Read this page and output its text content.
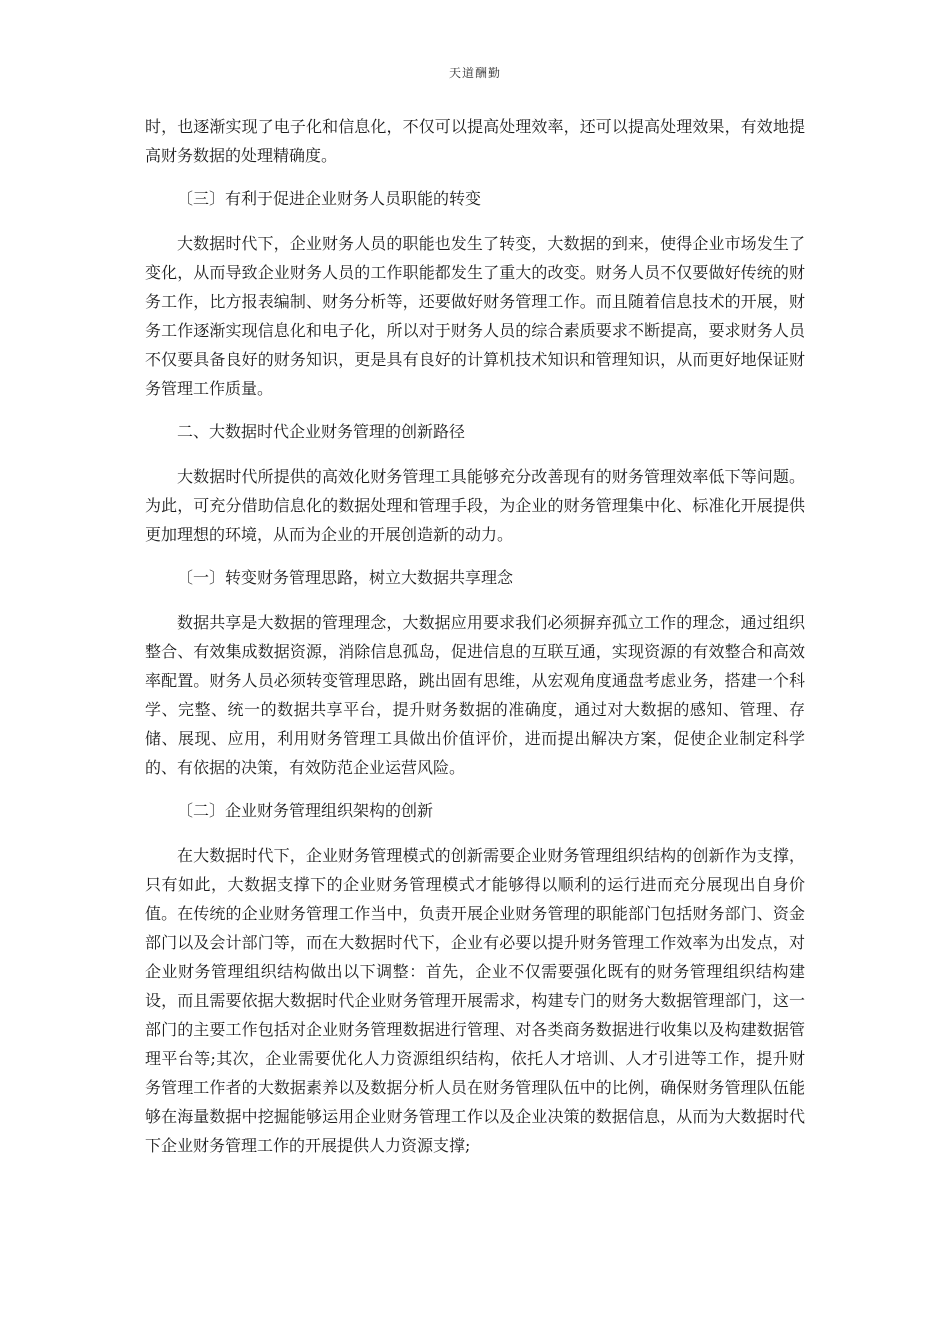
天道酬勤

时，也逐渐实现了电子化和信息化，不仅可以提高处理效率，还可以提高处理效果，有效地提高财务数据的处理精确度。

〔三〕有利于促进企业财务人员职能的转变

大数据时代下，企业财务人员的职能也发生了转变，大数据的到来，使得企业市场发生了变化，从而导致企业财务人员的工作职能都发生了重大的改变。财务人员不仅要做好传统的财务工作，比方报表编制、财务分析等，还要做好财务管理工作。而且随着信息技术的开展，财务工作逐渐实现信息化和电子化，所以对于财务人员的综合素质要求不断提高，要求财务人员不仅要具备良好的财务知识，更是具有良好的计算机技术知识和管理知识，从而更好地保证财务管理工作质量。

二、大数据时代企业财务管理的创新路径

大数据时代所提供的高效化财务管理工具能够充分改善现有的财务管理效率低下等问题。为此，可充分借助信息化的数据处理和管理手段，为企业的财务管理集中化、标准化开展提供更加理想的环境，从而为企业的开展创造新的动力。

〔一〕转变财务管理思路，树立大数据共享理念

数据共享是大数据的管理理念，大数据应用要求我们必须摒弃孤立工作的理念，通过组织整合、有效集成数据资源，消除信息孤岛，促进信息的互联互通，实现资源的有效整合和高效率配置。财务人员必须转变管理思路，跳出固有思维，从宏观角度通盘考虑业务，搭建一个科学、完整、统一的数据共享平台，提升财务数据的准确度，通过对大数据的感知、管理、存储、展现、应用，利用财务管理工具做出价值评价，进而提出解决方案，促使企业制定科学的、有依据的决策，有效防范企业运营风险。

〔二〕企业财务管理组织架构的创新

在大数据时代下，企业财务管理模式的创新需要企业财务管理组织结构的创新作为支撑，只有如此，大数据支撑下的企业财务管理模式才能够得以顺利的运行进而充分展现出自身价值。在传统的企业财务管理工作当中，负责开展企业财务管理的职能部门包括财务部门、资金部门以及会计部门等，而在大数据时代下，企业有必要以提升财务管理工作效率为出发点，对企业财务管理组织结构做出以下调整：首先，企业不仅需要强化既有的财务管理组织结构建设，而且需要依据大数据时代企业财务管理开展需求，构建专门的财务大数据管理部门，这一部门的主要工作包括对企业财务管理数据进行管理、对各类商务数据进行收集以及构建数据管理平台等;其次，企业需要优化人力资源组织结构，依托人才培训、人才引进等工作，提升财务管理工作者的大数据素养以及数据分析人员在财务管理队伍中的比例，确保财务管理队伍能够在海量数据中挖掘能够运用企业财务管理工作以及企业决策的数据信息，从而为大数据时代下企业财务管理工作的开展提供人力资源支撑;
